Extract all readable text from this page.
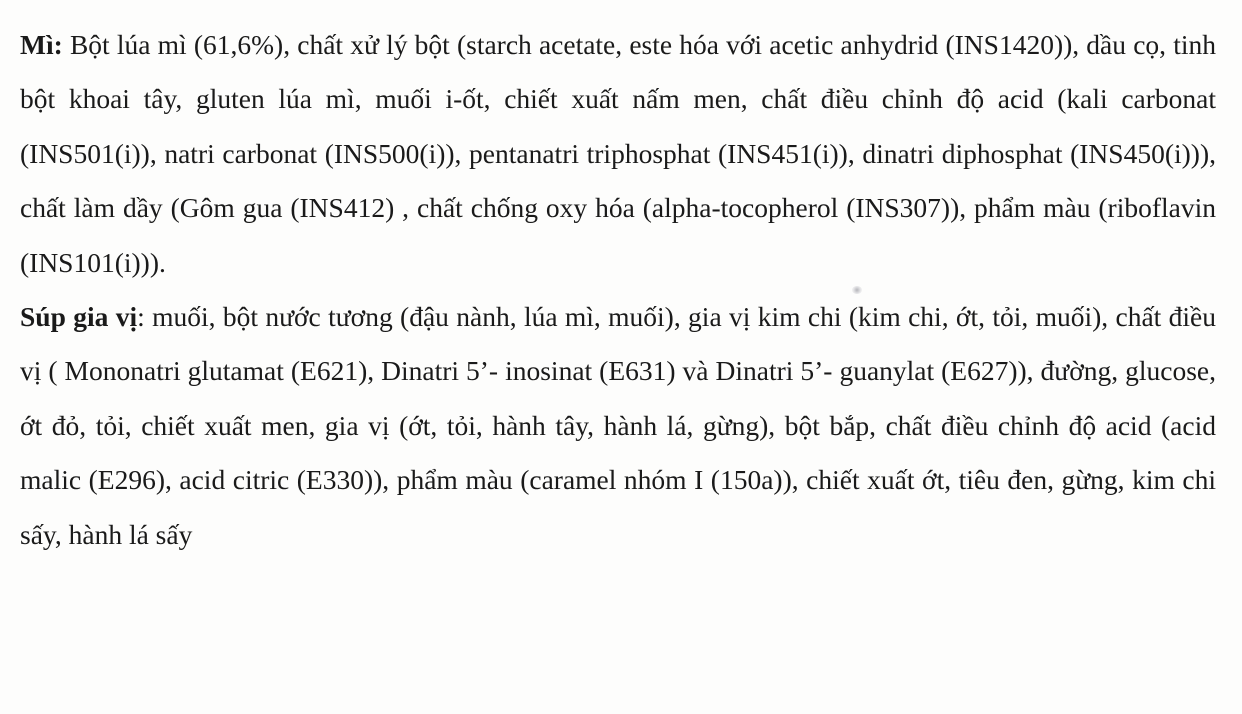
Mì: Bột lúa mì (61,6%), chất xử lý bột (starch acetate, este hóa với acetic anhydrid (INS1420)), dầu cọ, tinh bột khoai tây, gluten lúa mì, muối i-ốt, chiết xuất nấm men, chất điều chỉnh độ acid (kali carbonat (INS501(i)), natri carbonat (INS500(i)), pentanatri triphosphat (INS451(i)), dinatri diphosphat (INS450(i))), chất làm dầy (Gôm gua (INS412) , chất chống oxy hóa (alpha-tocopherol (INS307)), phẩm màu (riboflavin (INS101(i))).

Súp gia vị: muối, bột nước tương (đậu nành, lúa mì, muối), gia vị kim chi (kim chi, ớt, tỏi, muối), chất điều vị ( Mononatri glutamat (E621), Dinatri 5’- inosinat (E631) và Dinatri 5’- guanylat (E627)), đường, glucose, ớt đỏ, tỏi, chiết xuất men, gia vị (ớt, tỏi, hành tây, hành lá, gừng), bột bắp, chất điều chỉnh độ acid (acid malic (E296), acid citric (E330)), phẩm màu (caramel nhóm I (150a)), chiết xuất ớt, tiêu đen, gừng, kim chi sấy, hành lá sấy
